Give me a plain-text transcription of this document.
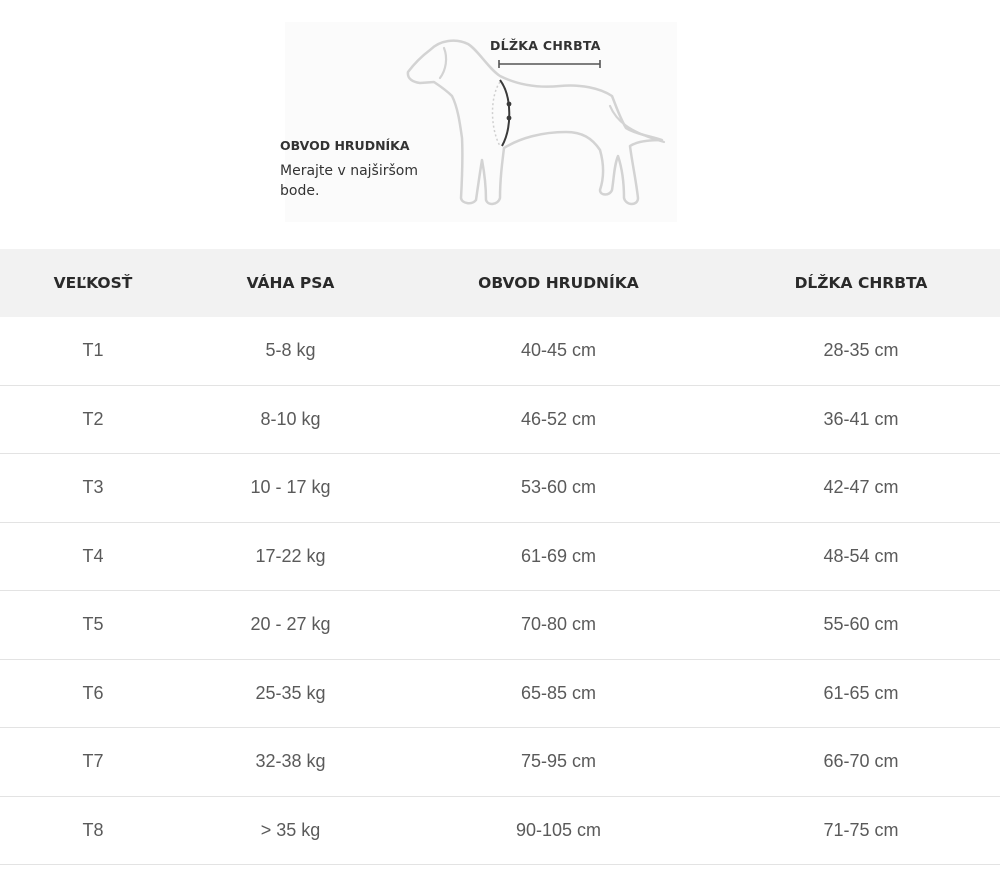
DĹŽKA CHRBTA
OBVOD HRUDNÍKA
Merajte v najširšom bode.
VEĽKOSŤ	VÁHA PSA	OBVOD HRUDNÍKA	DĹŽKA CHRBTA
T1	5-8 kg	40-45 cm	28-35 cm
T2	8-10 kg	46-52 cm	36-41 cm
T3	10 - 17 kg	53-60 cm	42-47 cm
T4	17-22 kg	61-69 cm	48-54 cm
T5	20 - 27 kg	70-80 cm	55-60 cm
T6	25-35 kg	65-85 cm	61-65 cm
T7	32-38 kg	75-95 cm	66-70 cm
T8	> 35 kg	90-105 cm	71-75 cm
